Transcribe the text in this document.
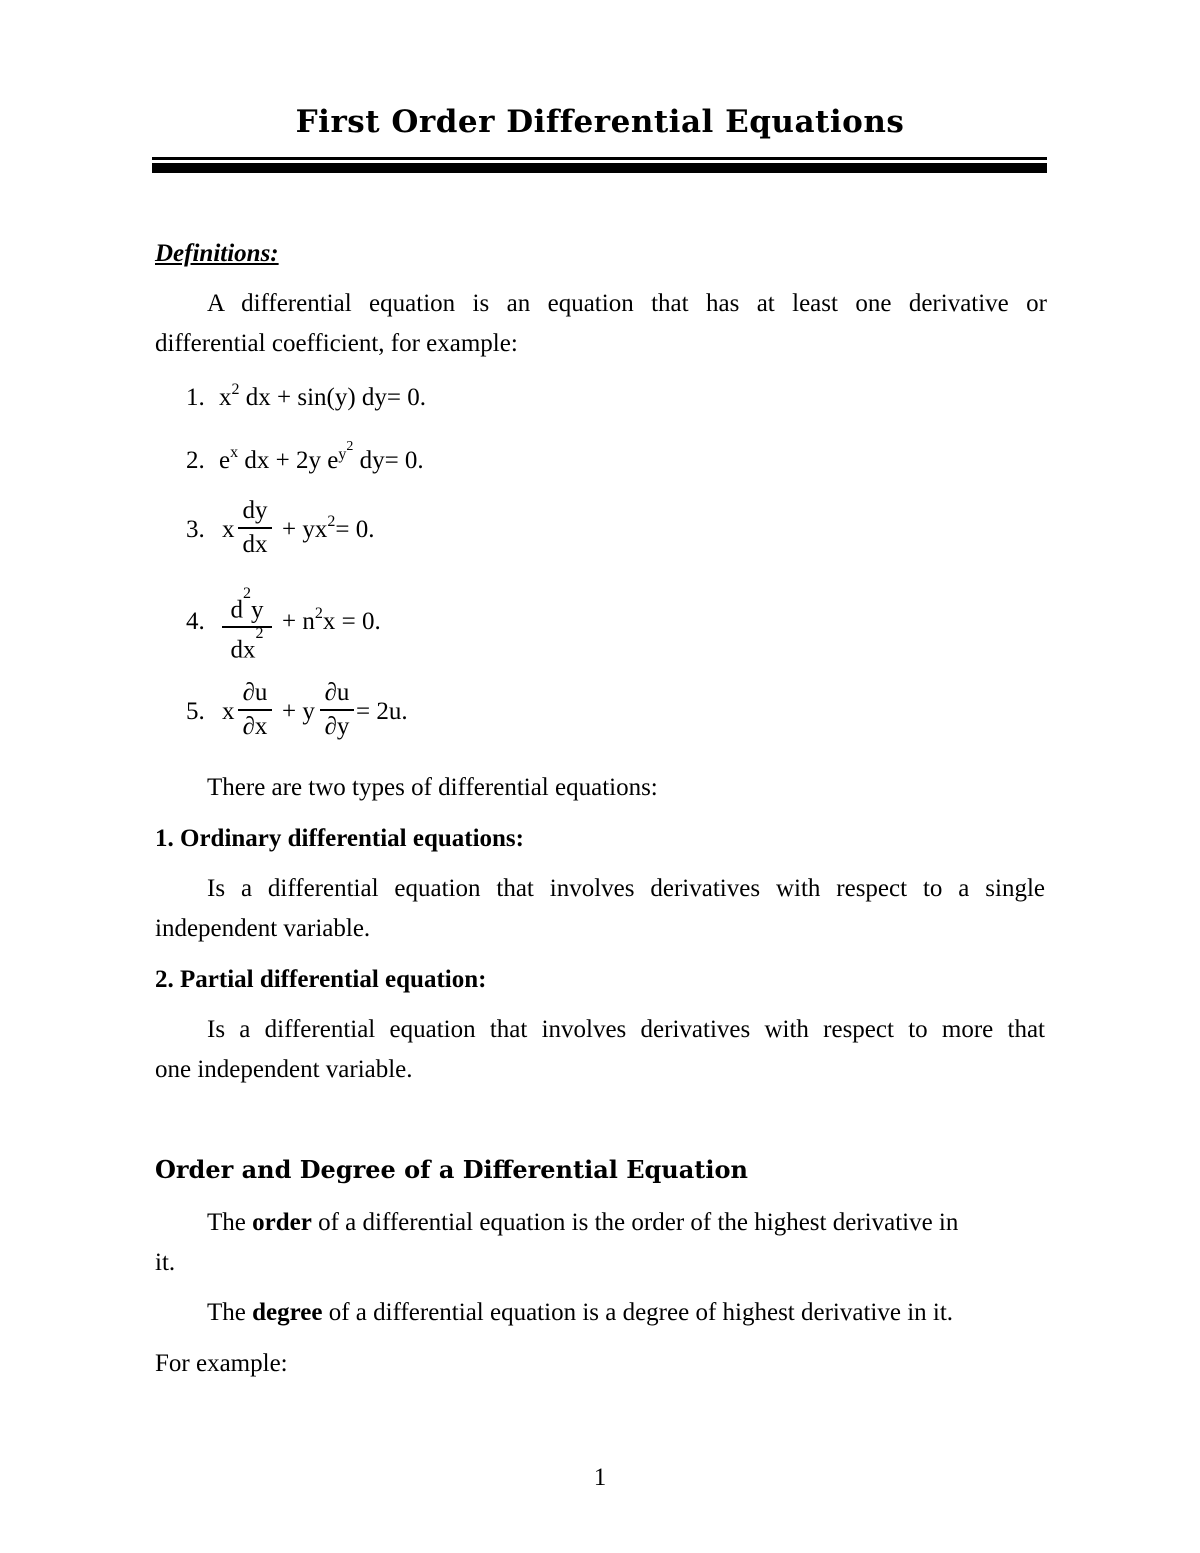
First Order Differential Equations
Definitions:
A differential equation is an equation that has at least one derivative or
differential coefficient, for example:
1. $x^2$ dx + sin(y) dy= 0.
2. $e^x$ dx + 2y $e^{y2}$ dy= 0.
3. x
dy
dx
+ $yx^2= 0$.
4.	$d^2y$
$dx^2 + n^2x = 0$.
5. x
∂u
∂x
+ y
∂u
∂y
= 2u.
There are two types of differential equations:
1. Ordinary differential equations:
Is a differential equation that involves derivatives with respect to a single
independent variable.
2. Partial differential equation:
Is a differential equation that involves derivatives with respect to more that
one independent variable.
Order and Degree of a Differential Equation
The order of a differential equation is the order of the highest derivative in
it.
The degree of a differential equation is a degree of highest derivative in it.
For example:
1
